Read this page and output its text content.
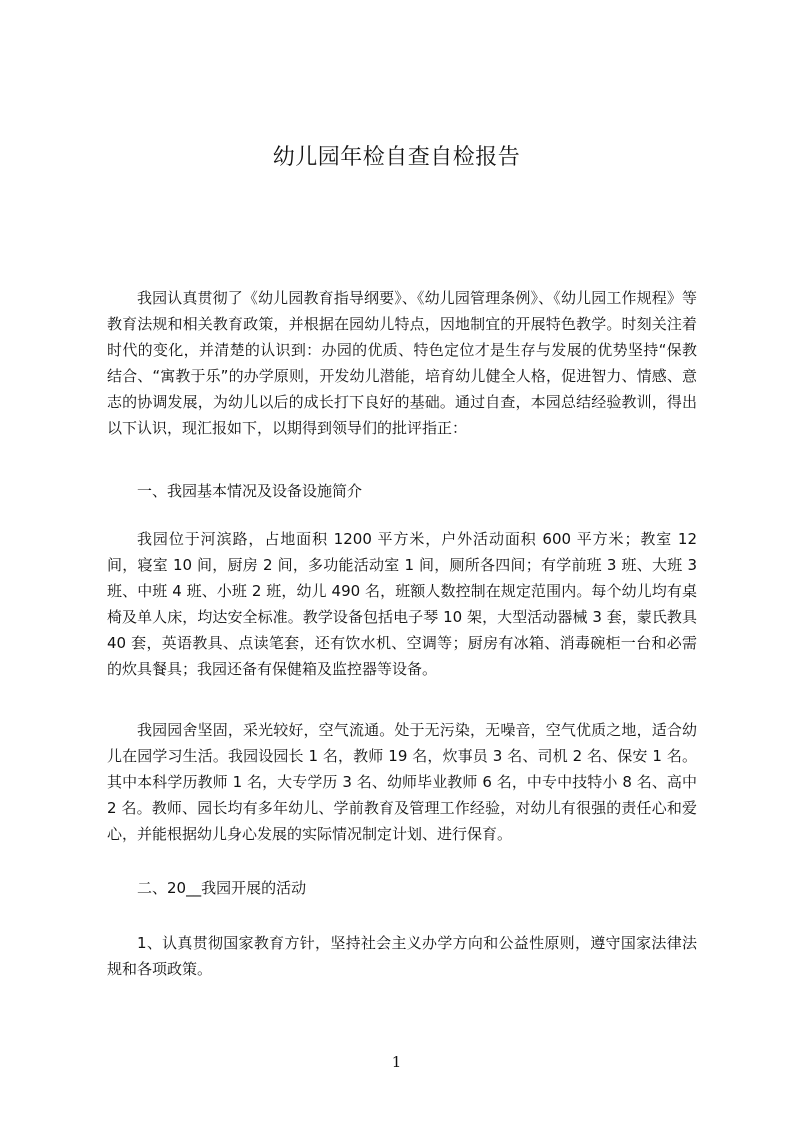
幼儿园年检自查自检报告
我园认真贯彻了《幼儿园教育指导纲要》、《幼儿园管理条例》、《幼儿园工作规程》等教育法规和相关教育政策，并根据在园幼儿特点，因地制宜的开展特色教学。时刻关注着时代的变化，并清楚的认识到：办园的优质、特色定位才是生存与发展的优势坚持“保教结合、“寓教于乐”的办学原则，开发幼儿潜能，培育幼儿健全人格，促进智力、情感、意志的协调发展，为幼儿以后的成长打下良好的基础。通过自查，本园总结经验教训，得出以下认识，现汇报如下，以期得到领导们的批评指正：
一、我园基本情况及设备设施简介
我园位于河滨路，占地面积 1200 平方米，户外活动面积 600 平方米；教室 12 间，寝室 10 间，厨房 2 间，多功能活动室 1 间，厕所各四间；有学前班 3 班、大班 3 班、中班 4 班、小班 2 班，幼儿 490 名，班额人数控制在规定范围内。每个幼儿均有桌椅及单人床，均达安全标准。教学设备包括电子琴 10 架，大型活动器械 3 套，蒙氏教具 40 套，英语教具、点读笔套，还有饮水机、空调等；厨房有冰箱、消毒碗柜一台和必需的炊具餐具；我园还备有保健箱及监控器等设备。
我园园舍坚固，采光较好，空气流通。处于无污染，无噪音，空气优质之地，适合幼儿在园学习生活。我园设园长 1 名，教师 19 名，炊事员 3 名、司机 2 名、保安 1 名。其中本科学历教师 1 名，大专学历 3 名、幼师毕业教师 6 名，中专中技特小 8 名、高中 2 名。教师、园长均有多年幼儿、学前教育及管理工作经验，对幼儿有很强的责任心和爱心，并能根据幼儿身心发展的实际情况制定计划、进行保育。
二、20__我园开展的活动
1、认真贯彻国家教育方针，坚持社会主义办学方向和公益性原则，遵守国家法律法规和各项政策。
1
